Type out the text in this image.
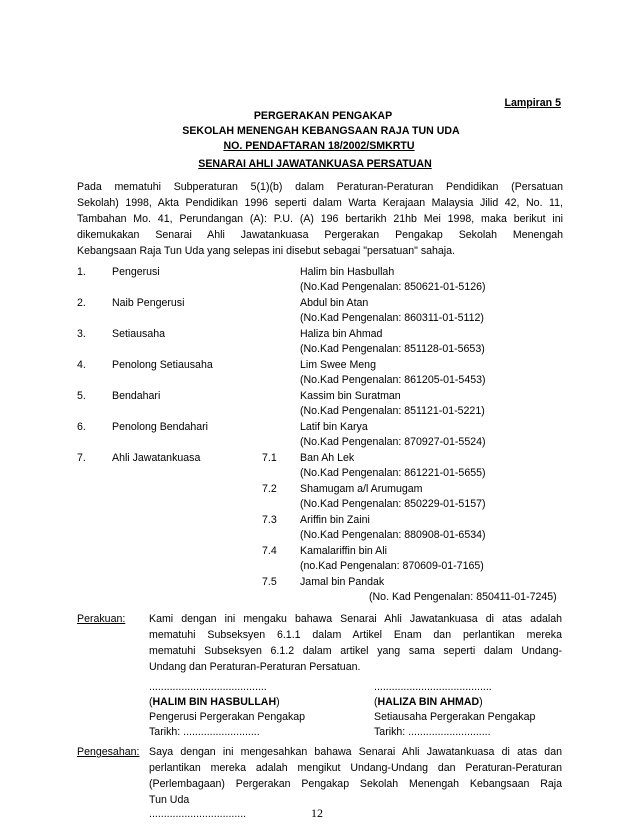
Lampiran 5
PERGERAKAN PENGAKAP
SEKOLAH MENENGAH KEBANGSAAN RAJA TUN UDA
NO. PENDAFTARAN 18/2002/SMKRTU
SENARAI AHLI JAWATANKUASA PERSATUAN
Pada mematuhi Subperaturan 5(1)(b) dalam Peraturan-Peraturan Pendidikan (Persatuan
Sekolah) 1998, Akta Pendidikan 1996 seperti dalam Warta Kerajaan Malaysia Jilid 42, No. 11,
Tambahan Mo. 41, Perundangan (A): P.U. (A) 196 bertarikh 21hb Mei 1998, maka berikut ini
dikemukakan Senarai Ahli Jawatankuasa Pergerakan Pengakap Sekolah Menengah
Kebangsaan Raja Tun Uda yang selepas ini disebut sebagai "persatuan" sahaja.
1. Pengerusi	Halim bin Hasbullah
(No.Kad Pengenalan: 850621-01-5126)
2. Naib Pengerusi	Abdul bin Atan
(No.Kad Pengenalan: 860311-01-5112)
3. Setiausaha	Haliza bin Ahmad
(No.Kad Pengenalan: 851128-01-5653)
4. Penolong Setiausaha	Lim Swee Meng
(No.Kad Pengenalan: 861205-01-5453)
5. Bendahari	Kassim bin Suratman
(No.Kad Pengenalan: 851121-01-5221)
6. Penolong Bendahari	Latif bin Karya
(No.Kad Pengenalan: 870927-01-5524)
7. Ahli Jawatankuasa	7.1 Ban Ah Lek
(No.Kad Pengenalan: 861221-01-5655)
7.2 Shamugam a/l Arumugam
(No.Kad Pengenalan: 850229-01-5157)
7.3 Ariffin bin Zaini
(No.Kad Pengenalan: 880908-01-6534)
7.4 Kamalariffin bin Ali
(no.Kad Pengenalan: 870609-01-7165)
7.5 Jamal bin Pandak
(No. Kad Pengenalan: 850411-01-7245)
Perakuan: Kami dengan ini mengaku bahawa Senarai Ahli Jawatankuasa di atas adalah
mematuhi Subseksyen 6.1.1 dalam Artikel Enam dan perlantikan mereka
mematuhi Subseksyen 6.1.2 dalam artikel yang sama seperti dalam Undang-
Undang dan Peraturan-Peraturan Persatuan.
........................................
(HALIM BIN HASBULLAH)
Pengerusi Pergerakan Pengakap
Tarikh: ..........................
........................................
(HALIZA BIN AHMAD)
Setiausaha Pergerakan Pengakap
Tarikh: ............................
Pengesahan: Saya dengan ini mengesahkan bahawa Senarai Ahli Jawatankuasa di atas dan
perlantikan mereka adalah mengikut Undang-Undang dan Peraturan-Peraturan
(Perlembagaan) Pergerakan Pengakap Sekolah Menengah Kebangsaan Raja
Tun Uda
.................................	12
